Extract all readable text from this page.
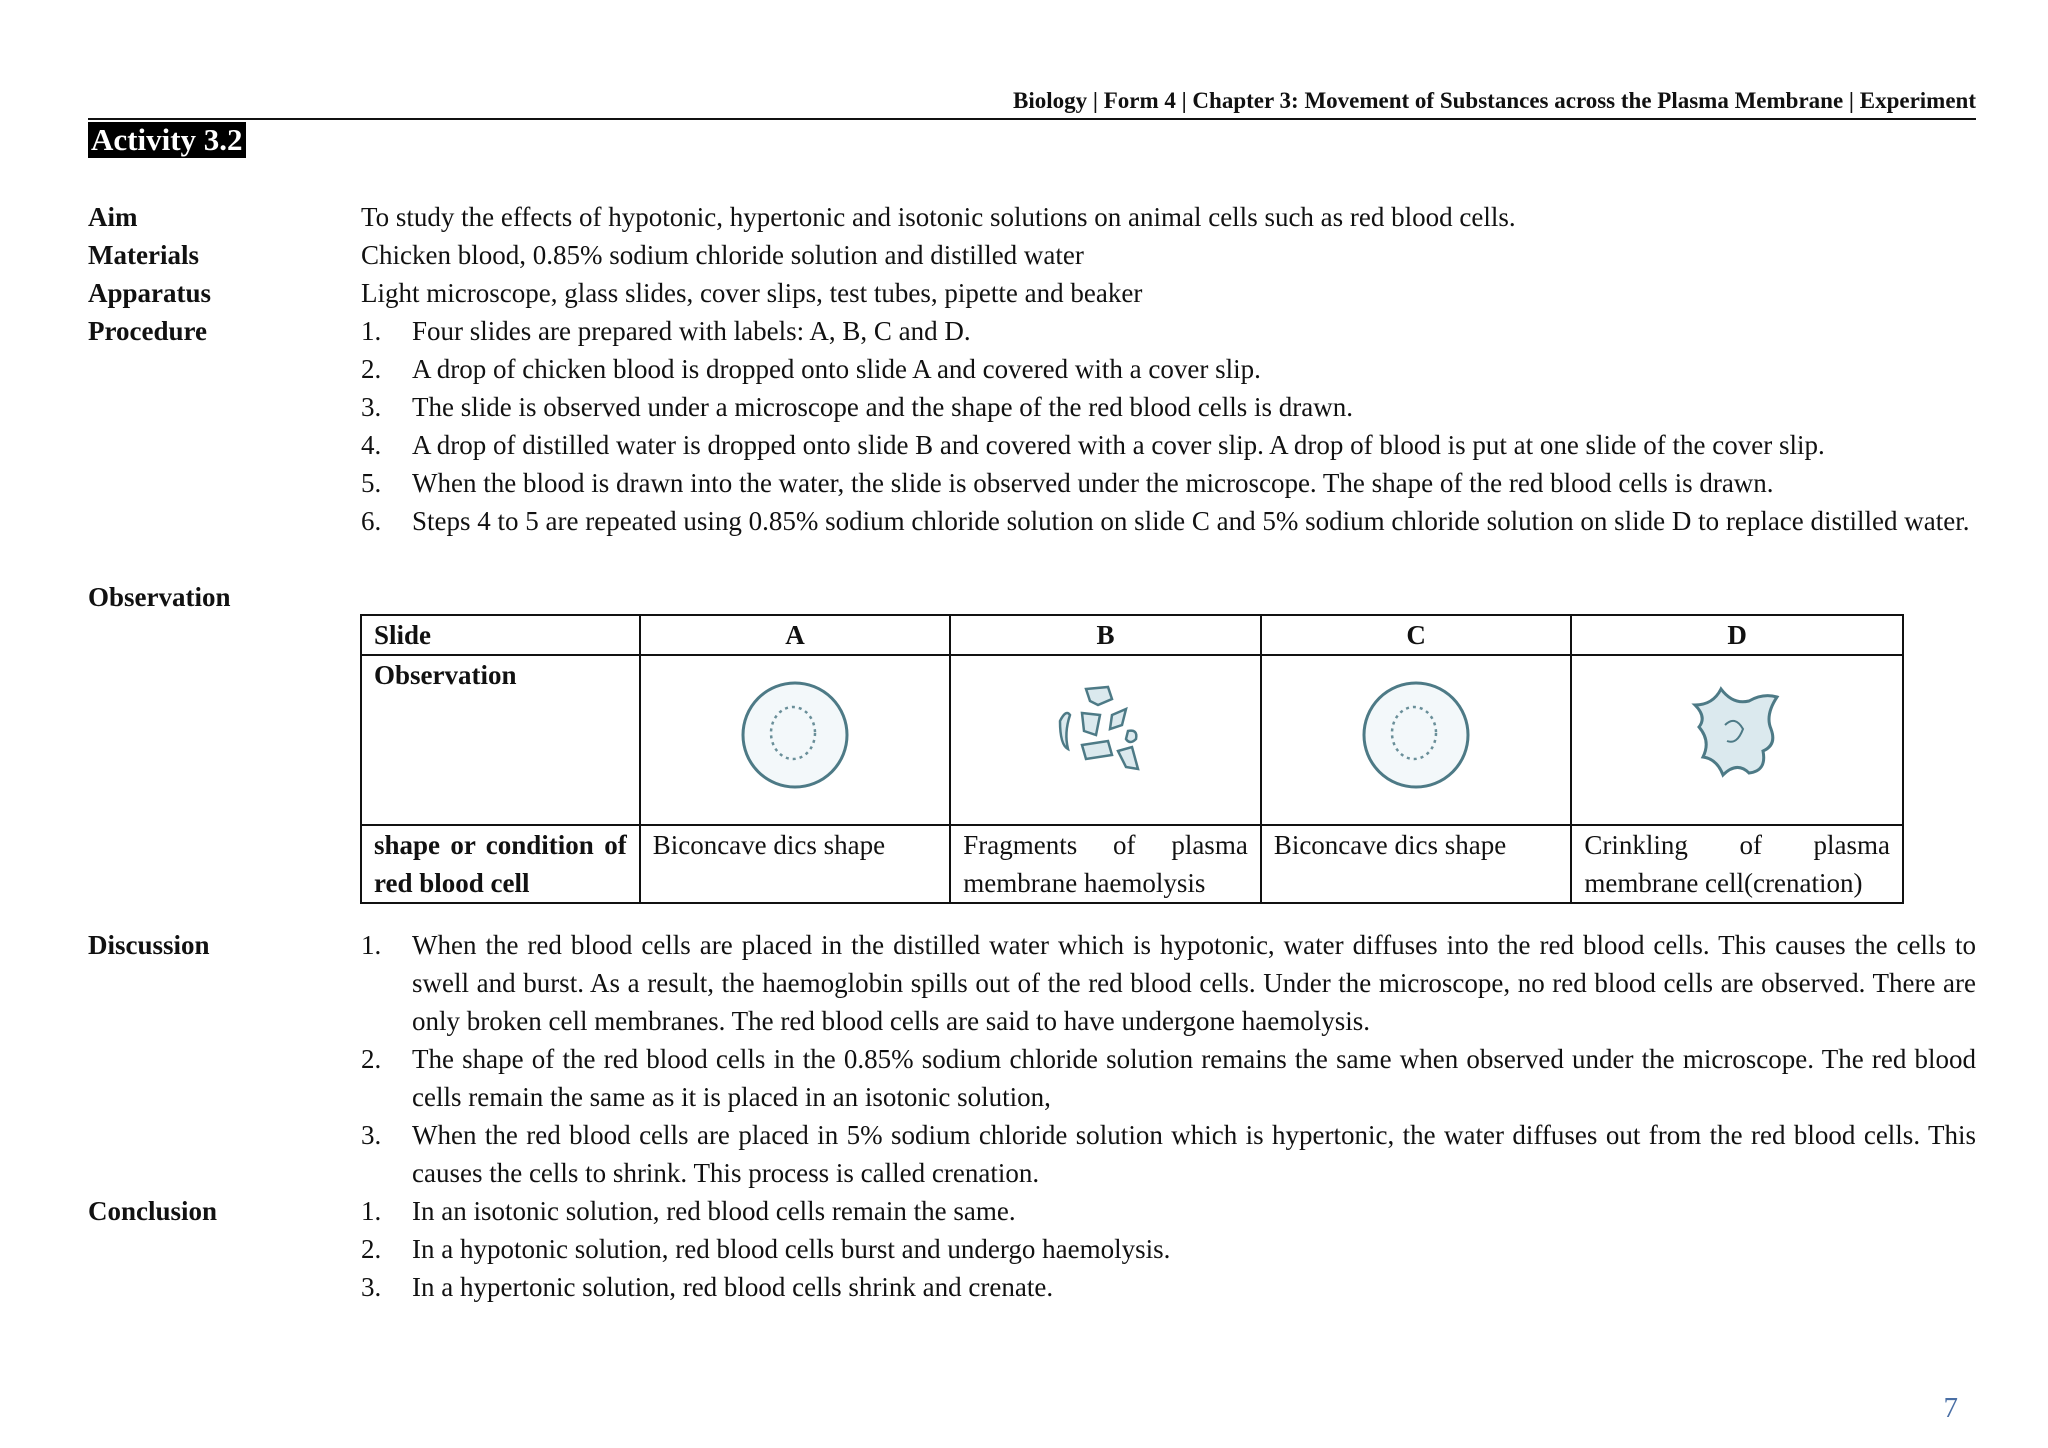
Biology | Form 4 | Chapter 3: Movement of Substances across the Plasma Membrane | Experiment
Activity 3.2
Aim	To study the effects of hypotonic, hypertonic and isotonic solutions on animal cells such as red blood cells.
Materials	Chicken blood, 0.85% sodium chloride solution and distilled water
Apparatus	Light microscope, glass slides, cover slips, test tubes, pipette and beaker
Procedure	1. Four slides are prepared with labels: A, B, C and D.
2. A drop of chicken blood is dropped onto slide A and covered with a cover slip.
3. The slide is observed under a microscope and the shape of the red blood cells is drawn.
4. A drop of distilled water is dropped onto slide B and covered with a cover slip. A drop of blood is put at one slide of the cover slip.
5. When the blood is drawn into the water, the slide is observed under the microscope. The shape of the red blood cells is drawn.
6. Steps 4 to 5 are repeated using 0.85% sodium chloride solution on slide C and 5% sodium chloride solution on slide D to replace distilled water.
Observation
Slide	A	B	C	D
Observation				
shape or condition of red blood cell	Biconcave dics shape	Fragments of plasma membrane haemolysis	Biconcave dics shape	Crinkling of plasma membrane cell(crenation)
Discussion	1. When the red blood cells are placed in the distilled water which is hypotonic, water diffuses into the red blood cells. This causes the cells to swell and burst. As a result, the haemoglobin spills out of the red blood cells. Under the microscope, no red blood cells are observed. There are only broken cell membranes. The red blood cells are said to have undergone haemolysis.
2. The shape of the red blood cells in the 0.85% sodium chloride solution remains the same when observed under the microscope. The red blood cells remain the same as it is placed in an isotonic solution,
3. When the red blood cells are placed in 5% sodium chloride solution which is hypertonic, the water diffuses out from the red blood cells. This causes the cells to shrink. This process is called crenation.
Conclusion	1. In an isotonic solution, red blood cells remain the same.
2. In a hypotonic solution, red blood cells burst and undergo haemolysis.
3. In a hypertonic solution, red blood cells shrink and crenate.
7
